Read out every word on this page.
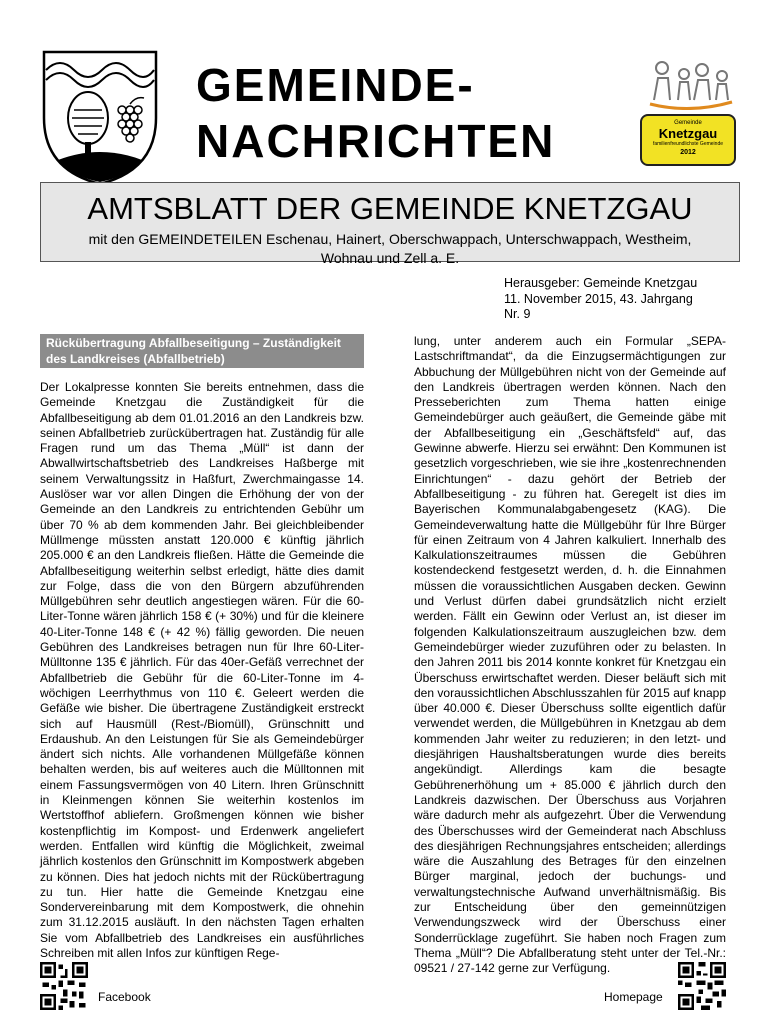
GEMEINDE-
NACHRICHTEN	Gemeinde
Knetzgau
familienfreundlichste Gemeinde
2012
AMTSBLATT DER GEMEINDE KNETZGAU
mit den GEMEINDETEILEN Eschenau, Hainert, Oberschwappach, Unterschwappach, Westheim, Wohnau und Zell a. E.
Herausgeber: Gemeinde Knetzgau
11. November 2015, 43. Jahrgang
Nr. 9
Rückübertragung Abfallbeseitigung – Zuständigkeit des Landkreises (Abfallbetrieb)
Der Lokalpresse konnten Sie bereits entnehmen, dass die Gemeinde Knetzgau die Zuständigkeit für die Abfallbeseitigung ab dem 01.01.2016 an den Landkreis bzw. seinen Abfallbetrieb zurückübertragen hat. Zuständig für alle Fragen rund um das Thema „Müll“ ist dann der Abwallwirtschaftsbetrieb des Landkreises Haßberge mit seinem Verwaltungssitz in Haßfurt, Zwerchmaingasse 14. Auslöser war vor allen Dingen die Erhöhung der von der Gemeinde an den Landkreis zu entrichtenden Gebühr um über 70 % ab dem kommenden Jahr. Bei gleichbleibender Müllmenge müssten anstatt 120.000 € künftig jährlich 205.000 € an den Landkreis fließen. Hätte die Gemeinde die Abfallbeseitigung weiterhin selbst erledigt, hätte dies damit zur Folge, dass die von den Bürgern abzuführenden Müllgebühren sehr deutlich angestiegen wären. Für die 60-Liter-Tonne wären jährlich 158 € (+ 30%) und für die kleinere 40-Liter-Tonne 148 € (+ 42 %) fällig geworden. Die neuen Gebühren des Landkreises betragen nun für Ihre 60-Liter-Mülltonne 135 € jährlich. Für das 40er-Gefäß verrechnet der Abfallbetrieb die Gebühr für die 60-Liter-Tonne im 4-wöchigen Leerrhythmus von 110 €. Geleert werden die Gefäße wie bisher. Die übertragene Zuständigkeit erstreckt sich auf Hausmüll (Rest-/Biomüll), Grünschnitt und Erdaushub. An den Leistungen für Sie als Gemeindebürger ändert sich nichts. Alle vorhandenen Müllgefäße können behalten werden, bis auf weiteres auch die Mülltonnen mit einem Fassungsvermögen von 40 Litern. Ihren Grünschnitt in Kleinmengen können Sie weiterhin kostenlos im Wertstoffhof abliefern. Großmengen können wie bisher kostenpflichtig im Kompost- und Erdenwerk angeliefert werden. Entfallen wird künftig die Möglichkeit, zweimal jährlich kostenlos den Grünschnitt im Kompostwerk abgeben zu können. Dies hat jedoch nichts mit der Rückübertragung zu tun. Hier hatte die Gemeinde Knetzgau eine Sondervereinbarung mit dem Kompostwerk, die ohnehin zum 31.12.2015 ausläuft. In den nächsten Tagen erhalten Sie vom Abfallbetrieb des Landkreises ein ausführliches Schreiben mit allen Infos zur künftigen Rege-
lung, unter anderem auch ein Formular „SEPA-Lastschriftmandat“, da die Einzugsermächtigungen zur Abbuchung der Müllgebühren nicht von der Gemeinde auf den Landkreis übertragen werden können. Nach den Presseberichten zum Thema hatten einige Gemeindebürger auch geäußert, die Gemeinde gäbe mit der Abfallbeseitigung ein „Geschäftsfeld“ auf, das Gewinne abwerfe. Hierzu sei erwähnt: Den Kommunen ist gesetzlich vorgeschrieben, wie sie ihre „kostenrechnenden Einrichtungen“ - dazu gehört der Betrieb der Abfallbeseitigung - zu führen hat. Geregelt ist dies im Bayerischen Kommunalabgabengesetz (KAG). Die Gemeindeverwaltung hatte die Müllgebühr für Ihre Bürger für einen Zeitraum von 4 Jahren kalkuliert. Innerhalb des Kalkulationszeitraumes müssen die Gebühren kostendeckend festgesetzt werden, d. h. die Einnahmen müssen die voraussichtlichen Ausgaben decken. Gewinn und Verlust dürfen dabei grundsätzlich nicht erzielt werden. Fällt ein Gewinn oder Verlust an, ist dieser im folgenden Kalkulationszeitraum auszugleichen bzw. dem Gemeindebürger wieder zuzuführen oder zu belasten. In den Jahren 2011 bis 2014 konnte konkret für Knetzgau ein Überschuss erwirtschaftet werden. Dieser beläuft sich mit den voraussichtlichen Abschlusszahlen für 2015 auf knapp über 40.000 €. Dieser Überschuss sollte eigentlich dafür verwendet werden, die Müllgebühren in Knetzgau ab dem kommenden Jahr weiter zu reduzieren; in den letzt- und diesjährigen Haushaltsberatungen wurde dies bereits angekündigt. Allerdings kam die besagte Gebührenerhöhung um + 85.000 € jährlich durch den Landkreis dazwischen. Der Überschuss aus Vorjahren wäre dadurch mehr als aufgezehrt. Über die Verwendung des Überschusses wird der Gemeinderat nach Abschluss des diesjährigen Rechnungsjahres entscheiden; allerdings wäre die Auszahlung des Betrages für den einzelnen Bürger marginal, jedoch der buchungs- und verwaltungstechnische Aufwand unverhältnismäßig. Bis zur Entscheidung über den gemeinnützigen Verwendungszweck wird der Überschuss einer Sonderrücklage zugeführt. Sie haben noch Fragen zum Thema „Müll“? Die Abfallberatung steht unter der Tel.-Nr.: 09521 / 27-142 gerne zur Verfügung.
Facebook	Homepage
